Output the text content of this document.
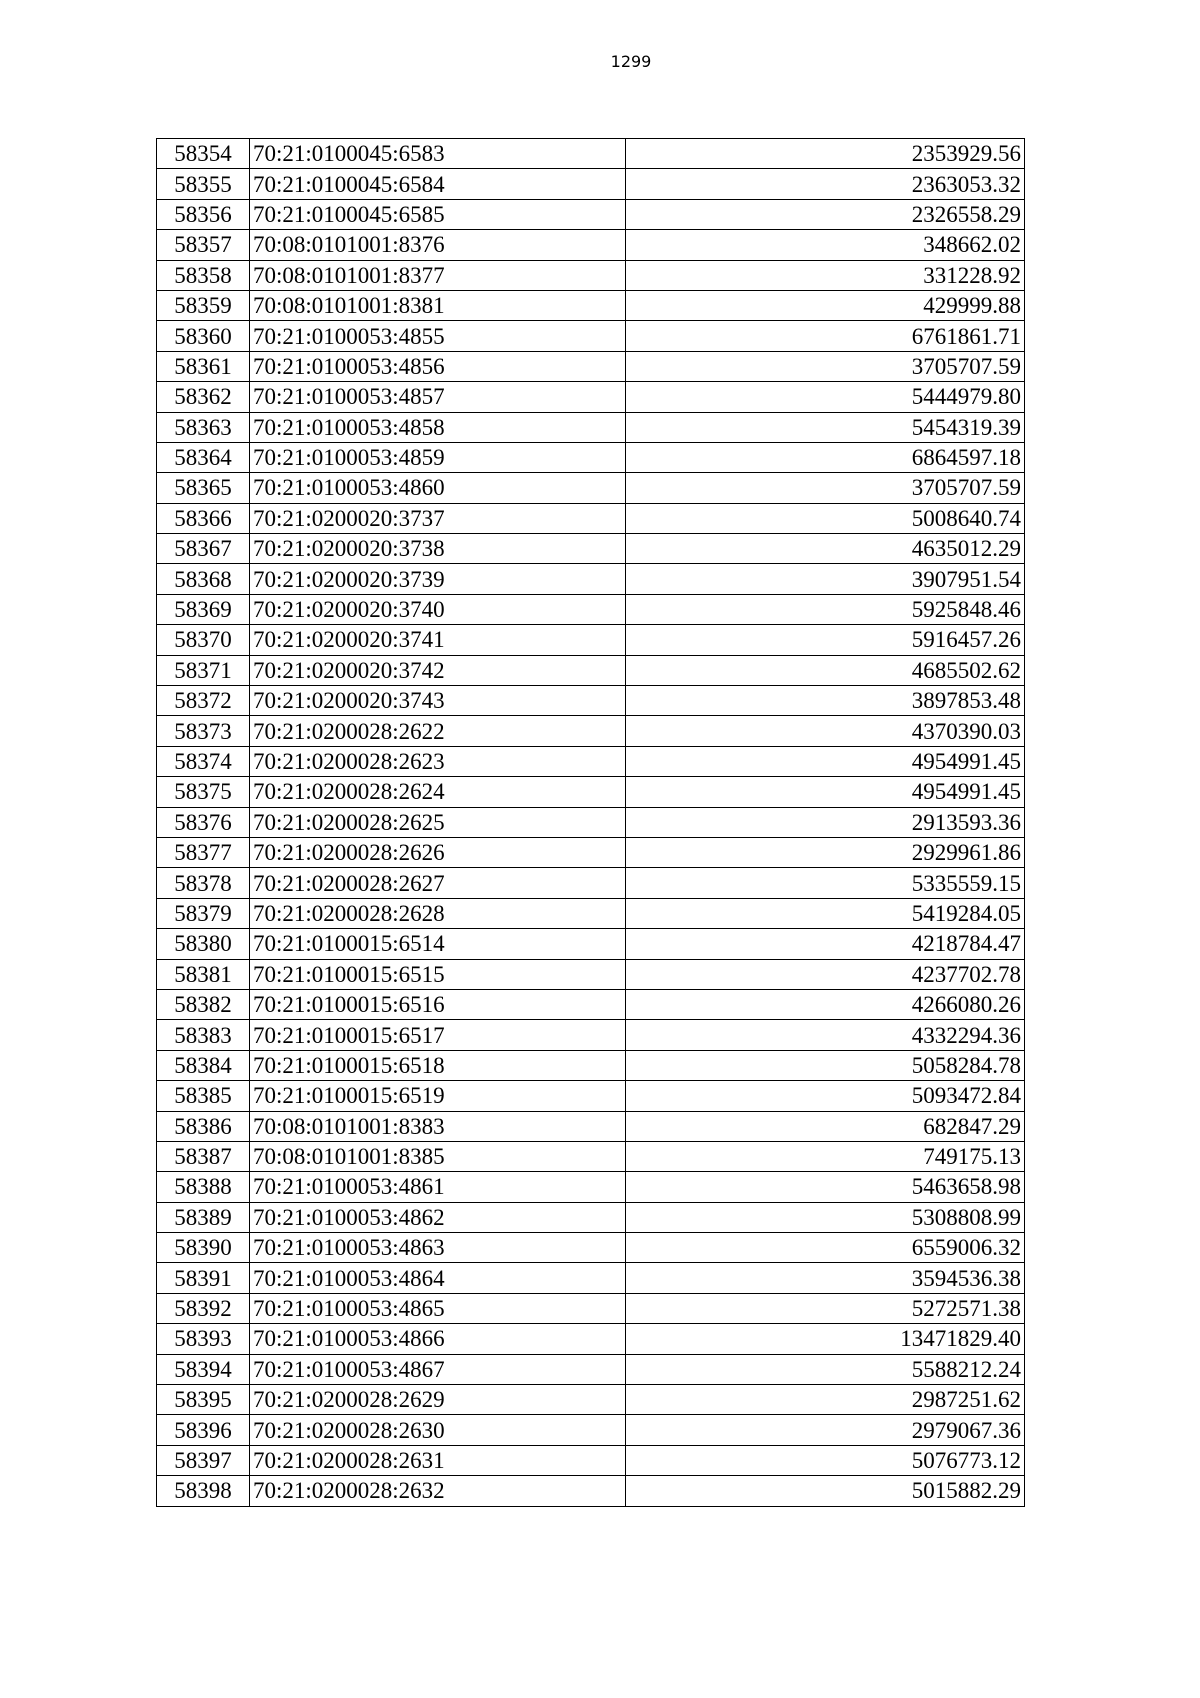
1299
58354	70:21:0100045:6583	2353929.56
58355	70:21:0100045:6584	2363053.32
58356	70:21:0100045:6585	2326558.29
58357	70:08:0101001:8376	348662.02
58358	70:08:0101001:8377	331228.92
58359	70:08:0101001:8381	429999.88
58360	70:21:0100053:4855	6761861.71
58361	70:21:0100053:4856	3705707.59
58362	70:21:0100053:4857	5444979.80
58363	70:21:0100053:4858	5454319.39
58364	70:21:0100053:4859	6864597.18
58365	70:21:0100053:4860	3705707.59
58366	70:21:0200020:3737	5008640.74
58367	70:21:0200020:3738	4635012.29
58368	70:21:0200020:3739	3907951.54
58369	70:21:0200020:3740	5925848.46
58370	70:21:0200020:3741	5916457.26
58371	70:21:0200020:3742	4685502.62
58372	70:21:0200020:3743	3897853.48
58373	70:21:0200028:2622	4370390.03
58374	70:21:0200028:2623	4954991.45
58375	70:21:0200028:2624	4954991.45
58376	70:21:0200028:2625	2913593.36
58377	70:21:0200028:2626	2929961.86
58378	70:21:0200028:2627	5335559.15
58379	70:21:0200028:2628	5419284.05
58380	70:21:0100015:6514	4218784.47
58381	70:21:0100015:6515	4237702.78
58382	70:21:0100015:6516	4266080.26
58383	70:21:0100015:6517	4332294.36
58384	70:21:0100015:6518	5058284.78
58385	70:21:0100015:6519	5093472.84
58386	70:08:0101001:8383	682847.29
58387	70:08:0101001:8385	749175.13
58388	70:21:0100053:4861	5463658.98
58389	70:21:0100053:4862	5308808.99
58390	70:21:0100053:4863	6559006.32
58391	70:21:0100053:4864	3594536.38
58392	70:21:0100053:4865	5272571.38
58393	70:21:0100053:4866	13471829.40
58394	70:21:0100053:4867	5588212.24
58395	70:21:0200028:2629	2987251.62
58396	70:21:0200028:2630	2979067.36
58397	70:21:0200028:2631	5076773.12
58398	70:21:0200028:2632	5015882.29
